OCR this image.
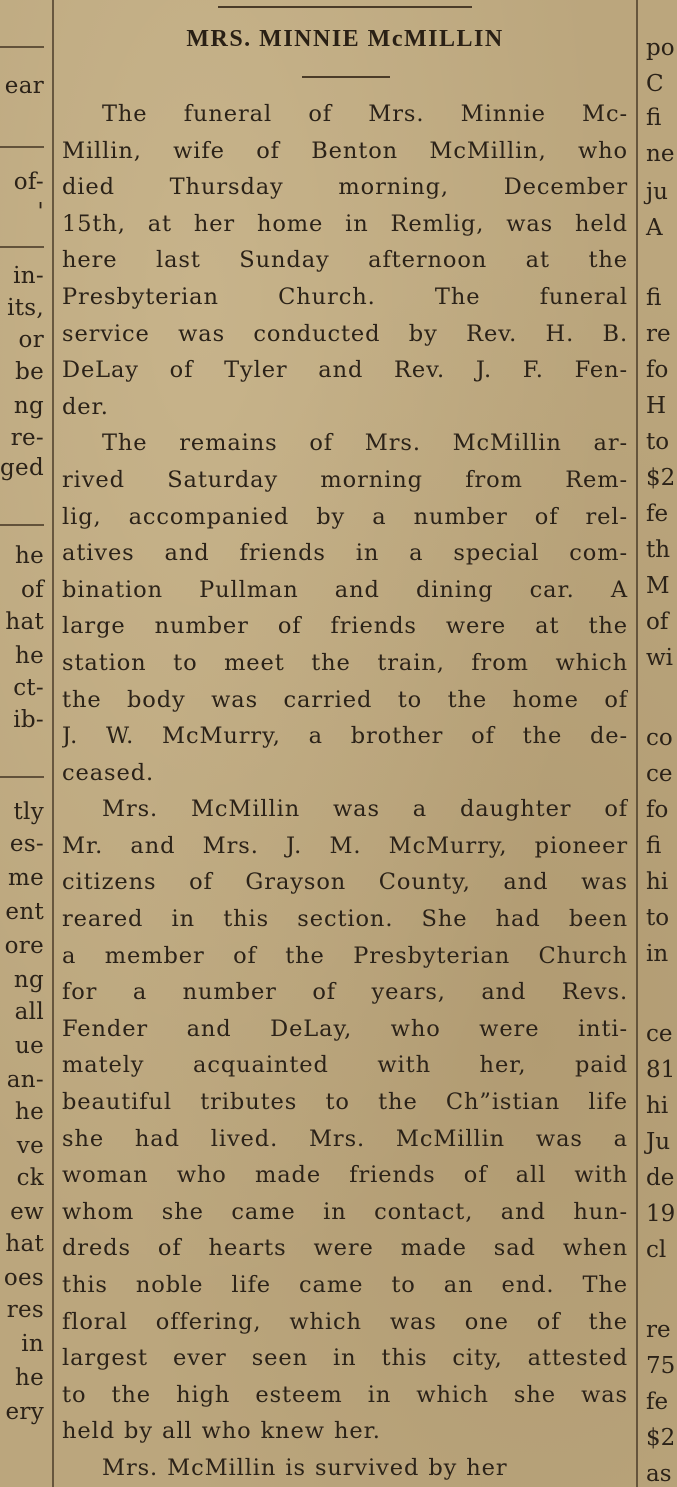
ear
of-
'
in-
its,
or
be
ng
re-
ged
he
of
hat
he
ct-
ib-
tly
es-
me
ent
ore
ng
all
ue
an-
he
ve
ck
ew
hat
oes
res
in
he
ery
MRS. MINNIE McMILLIN
The funeral of Mrs. Minnie Mc-
Millin, wife of Benton McMillin, who
died Thursday morning, December
15th, at her home in Remlig, was held
here last Sunday afternoon at the
Presbyterian Church. The funeral
service was conducted by Rev. H. B.
DeLay of Tyler and Rev. J. F. Fen-
der.
The remains of Mrs. McMillin ar-
rived Saturday morning from Rem-
lig, accompanied by a number of rel-
atives and friends in a special com-
bination Pullman and dining car. A
large number of friends were at the
station to meet the train, from which
the body was carried to the home of
J. W. McMurry, a brother of the de-
ceased.
Mrs. McMillin was a daughter of
Mr. and Mrs. J. M. McMurry, pioneer
citizens of Grayson County, and was
reared in this section. She had been
a member of the Presbyterian Church
for a number of years, and Revs.
Fender and DeLay, who were inti-
mately acquainted with her, paid
beautiful tributes to the Ch”istian life
she had lived. Mrs. McMillin was a
woman who made friends of all with
whom she came in contact, and hun-
dreds of hearts were made sad when
this noble life came to an end. The
floral offering, which was one of the
largest ever seen in this city, attested
to the high esteem in which she was
held by all who knew her.
Mrs. McMillin is survived by her
po
C
fi
ne
ju
A
fi
re
fo
H
to
$2
fe
th
M
of
wi
co
ce
fo
fi
hi
to
in
ce
81
hi
Ju
de
19
cl
re
75
fe
$2
as
